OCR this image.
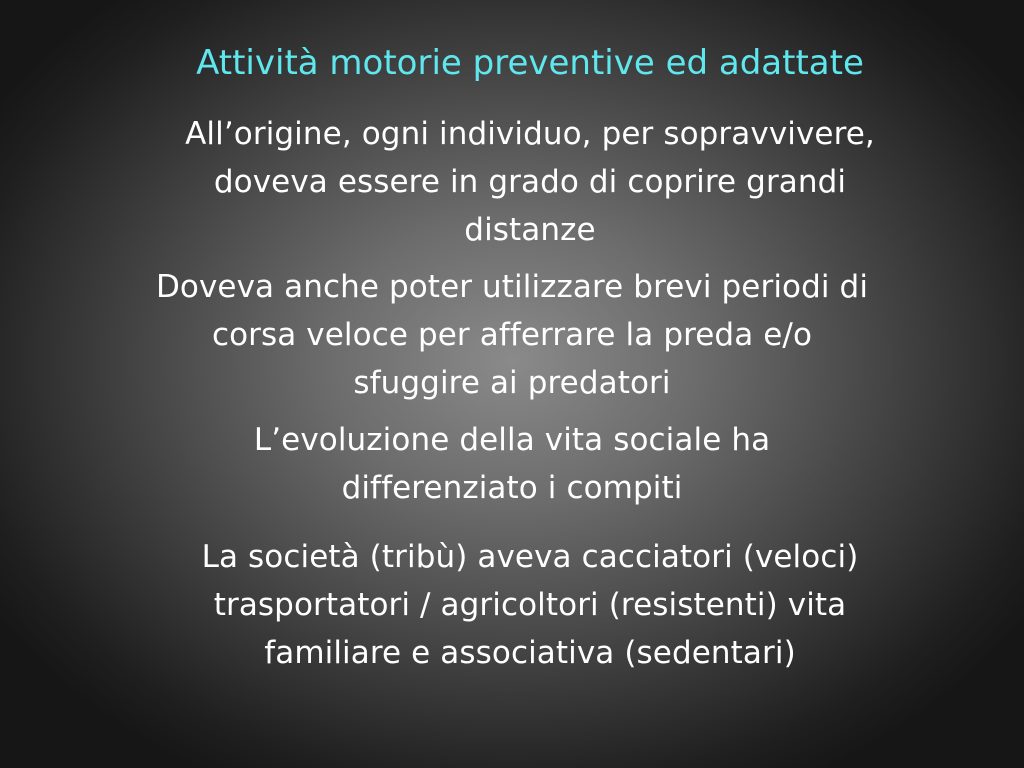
Attività motorie preventive ed adattate
All’origine, ogni individuo, per sopravvivere,
doveva essere in grado di coprire grandi
distanze
Doveva anche poter utilizzare brevi periodi di
corsa veloce per afferrare la preda e/o
sfuggire ai predatori
L’evoluzione della vita sociale ha
differenziato i compiti
La società (tribù) aveva cacciatori (veloci)
trasportatori / agricoltori (resistenti) vita
familiare e associativa (sedentari)
